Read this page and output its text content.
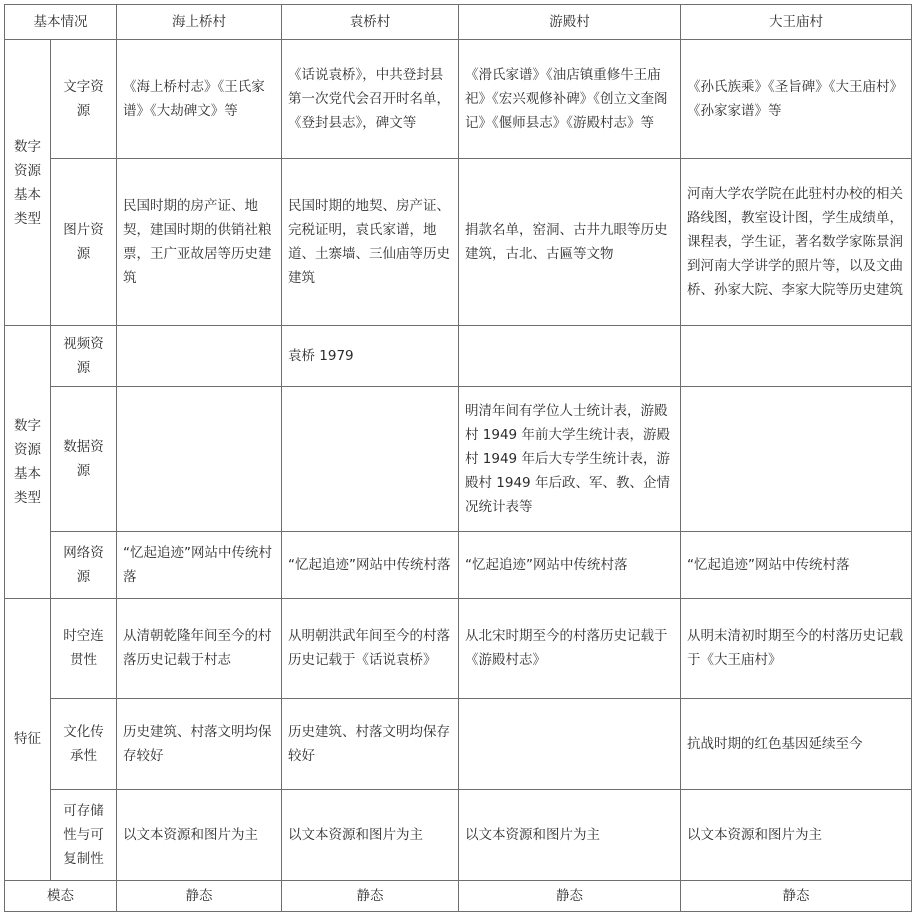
基本情况		海上桥村	袁桥村	游殿村	大王庙村
数字资源基本类型	文字资源	《海上桥村志》《王氏家谱》《大劫碑文》等	《话说袁桥》，中共登封县第一次党代会召开时名单，《登封县志》，碑文等	《滑氏家谱》《油店镇重修牛王庙祀》《宏兴观修补碑》《创立文奎阁记》《偃师县志》《游殿村志》等	《孙氏族乘》《圣旨碑》《大王庙村》《孙家家谱》等
	图片资源	民国时期的房产证、地契，建国时期的供销社粮票，王广亚故居等历史建筑	民国时期的地契、房产证、完税证明，袁氏家谱，地道、土寨墙、三仙庙等历史建筑	捐款名单，窑洞、古井九眼等历史建筑，古北、古匾等文物	河南大学农学院在此驻村办校的相关路线图，教室设计图，学生成绩单，课程表，学生证，著名数学家陈景润到河南大学讲学的照片等，以及文曲桥、孙家大院、李家大院等历史建筑
数字资源基本类型	视频资源		袁桥 1979		
	数据资源			明清年间有学位人士统计表，游殿村 1949 年前大学生统计表，游殿村 1949 年后大专学生统计表，游殿村 1949 年后政、军、教、企情况统计表等	
	网络资源	“忆起追迹”网站中传统村落	“忆起追迹”网站中传统村落	“忆起追迹”网站中传统村落	“忆起追迹”网站中传统村落
特征	时空连贯性	从清朝乾隆年间至今的村落历史记载于村志	从明朝洪武年间至今的村落历史记载于《话说袁桥》	从北宋时期至今的村落历史记载于《游殿村志》	从明末清初时期至今的村落历史记载于《大王庙村》
	文化传承性	历史建筑、村落文明均保存较好	历史建筑、村落文明均保存较好		抗战时期的红色基因延续至今
	可存储性与可复制性	以文本资源和图片为主	以文本资源和图片为主	以文本资源和图片为主	以文本资源和图片为主
模态		静态	静态	静态	静态
